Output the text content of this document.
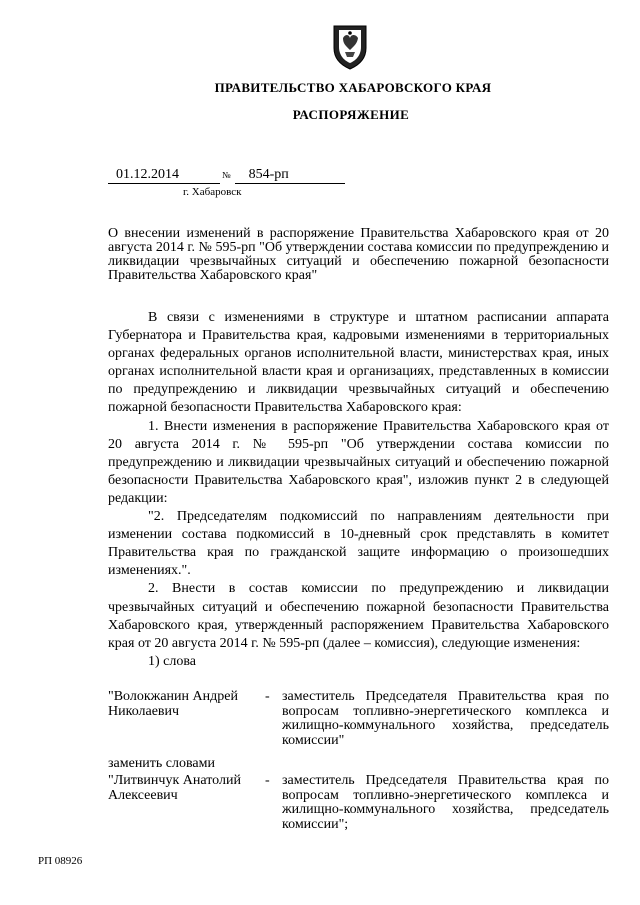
ПРАВИТЕЛЬСТВО ХАБАРОВСКОГО КРАЯ
РАСПОРЯЖЕНИЕ
01.12.2014	№ 854-рп
г. Хабаровск
О внесении изменений в распоряжение Правительства Хабаровского края от 20 августа 2014 г. № 595-рп "Об утверждении состава комиссии по предупреждению и ликвидации чрезвычайных ситуаций и обеспечению пожарной безопасности Правительства Хабаровского края"

В связи с изменениями в структуре и штатном расписании аппарата Губернатора и Правительства края, кадровыми изменениями в территориальных органах федеральных органов исполнительной власти, министерствах края, иных органах исполнительной власти края и организациях, представленных в комиссии по предупреждению и ликвидации чрезвычайных ситуаций и обеспечению пожарной безопасности Правительства Хабаровского края:

1. Внести изменения в распоряжение Правительства Хабаровского края от 20 августа 2014 г. № 595-рп "Об утверждении состава комиссии по предупреждению и ликвидации чрезвычайных ситуаций и обеспечению пожарной безопасности Правительства Хабаровского края", изложив пункт 2 в следующей редакции:

"2. Председателям подкомиссий по направлениям деятельности при изменении состава подкомиссий в 10-дневный срок представлять в комитет Правительства края по гражданской защите информацию о произошедших изменениях.".

2. Внести в состав комиссии по предупреждению и ликвидации чрезвычайных ситуаций и обеспечению пожарной безопасности Правительства Хабаровского края, утвержденный распоряжением Правительства Хабаровского края от 20 августа 2014 г. № 595-рп (далее – комиссия), следующие изменения:

1) слова

"Волокжанин Андрей Николаевич
- заместитель Председателя Правительства края по вопросам топливно-энергетического комплекса и жилищно-коммунального хозяйства, председатель комиссии"
заменить словами
"Литвинчук Анатолий Алексеевич
- заместитель Председателя Правительства края по вопросам топливно-энергетического комплекса и жилищно-коммунального хозяйства, председатель комиссии";
РП 08926
